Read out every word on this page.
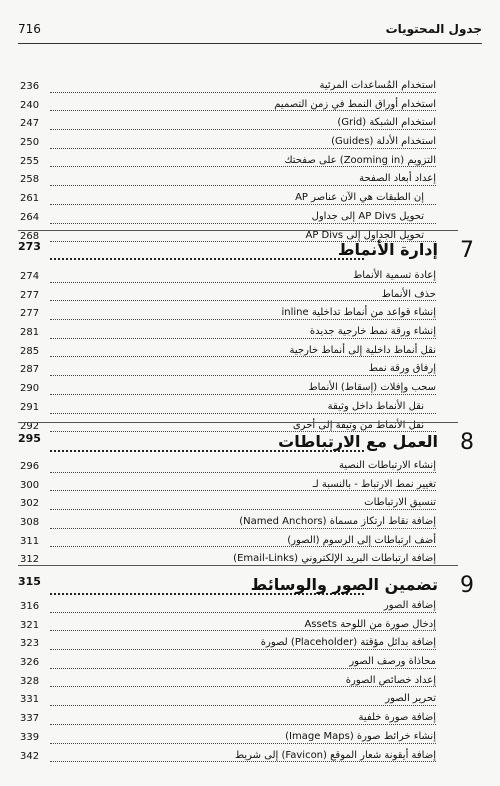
716	جدول المحتويات
236	استخدام المُساعدات المرئية
240	استخدام أوراق النمط في زمن التصميم
247	استخدام الشبكة (Grid)
250	استخدام الأدلة (Guides)
255	التزويم (Zooming in) على صفحتك
258	إعداد أبعاد الصفحة
261	إن الطبقات هي الآن عناصر AP
264	تحويل AP Divs إلى جداول
268	تحويل الجداول إلى AP Divs
273	إدارة الأنماط 7
274	إعادة تسمية الأنماط
277	حذف الأنماط
277	إنشاء قواعد من أنماط تداخلية inline
281	إنشاء ورقة نمط خارجية جديدة
285	نقل أنماط داخلية إلى أنماط خارجية
287	إرفاق ورقة نمط
290	سحب وإفلات (إسقاط) الأنماط
291	نقل الأنماط داخل وثيقة
292	نقل الأنماط من وثيقة إلى أخرى
295	العمل مع الارتباطات 8
296	إنشاء الارتباطات النصية
300	تغيير نمط الارتباط - بالنسبة لـ
302	تنسيق الارتباطات
308	إضافة نقاط ارتكاز مسماة (Named Anchors)
311	أضف ارتباطات إلى الرسوم (الصور)
312	إضافة ارتباطات البريد الإلكتروني (Email-Links)
315	تضمين الصور والوسائط 9
316	إضافة الصور
321	إدخال صورة من اللوحة Assets
323	إضافة بدائل مؤقتة (Placeholder) لصورة
326	محاذاة ورصف الصور
328	إعداد خصائص الصورة
331	تحرير الصور
337	إضافة صورة خلفية
339	إنشاء خرائط صورة (Image Maps)
342	إضافة أيقونة شعار الموقع (Favicon) إلى شريط
